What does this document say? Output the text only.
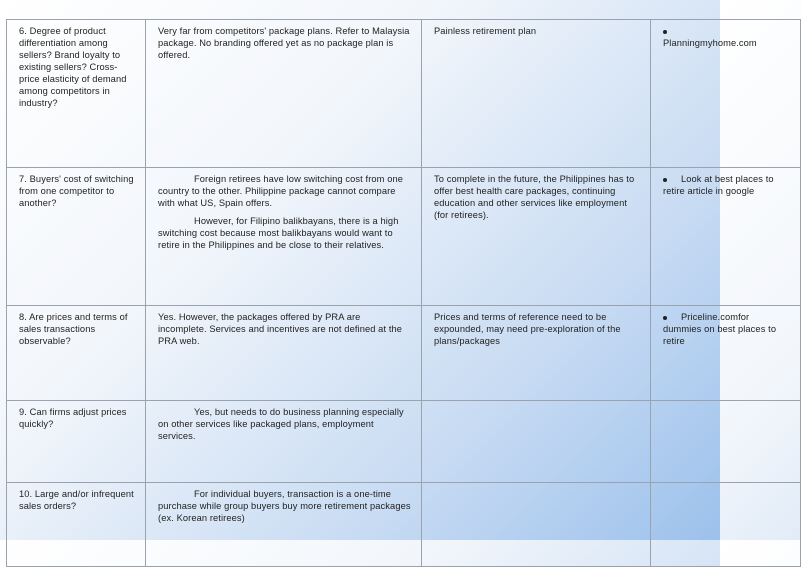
6. Degree of product differentiation among sellers? Brand loyalty to existing sellers? Cross-price elasticity of demand among competitors in industry?	Very far from competitors' package plans. Refer to Malaysia package. No branding offered yet as no package plan is offered.	Painless retirement plan	Planningmyhome.com

7. Buyers' cost of switching from one competitor to another?	Foreign retirees have low switching cost from one country to the other. Philippine package cannot compare with what US, Spain offers.
However, for Filipino balikbayans, there is a high switching cost because most balikbayans would want to retire in the Philippines and be close to their relatives.	To complete in the future, the Philippines has to offer best health care packages, continuing education and other services like employment (for retirees).	Look at best places to retire article in google

8. Are prices and terms of sales transactions observable?	Yes. However, the packages offered by PRA are incomplete. Services and incentives are not defined at the PRA web.	Prices and terms of reference need to be expounded, may need pre-exploration of the plans/packages	Priceline.comfor dummies on best places to retire

9. Can firms adjust prices quickly?	Yes, but needs to do business planning especially on other services like packaged plans, employment services.		

10. Large and/or infrequent sales orders?	For individual buyers, transaction is a one-time purchase while group buyers buy more retirement packages (ex. Korean retirees)		
